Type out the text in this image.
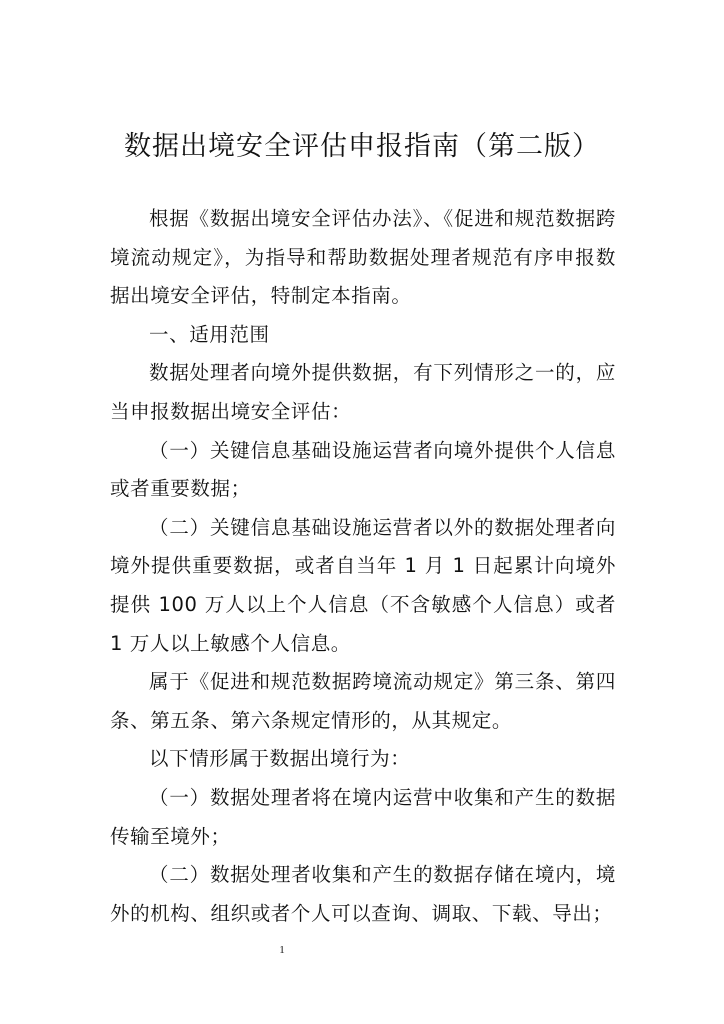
数据出境安全评估申报指南（第二版）

根据《数据出境安全评估办法》、《促进和规范数据跨境流动规定》，为指导和帮助数据处理者规范有序申报数据出境安全评估，特制定本指南。

一、适用范围

数据处理者向境外提供数据，有下列情形之一的，应当申报数据出境安全评估：

（一）关键信息基础设施运营者向境外提供个人信息或者重要数据；

（二）关键信息基础设施运营者以外的数据处理者向境外提供重要数据，或者自当年 1 月 1 日起累计向境外提供 100 万人以上个人信息（不含敏感个人信息）或者 1 万人以上敏感个人信息。

属于《促进和规范数据跨境流动规定》第三条、第四条、第五条、第六条规定情形的，从其规定。

以下情形属于数据出境行为：

（一）数据处理者将在境内运营中收集和产生的数据传输至境外；

（二）数据处理者收集和产生的数据存储在境内，境外的机构、组织或者个人可以查询、调取、下载、导出；

1
